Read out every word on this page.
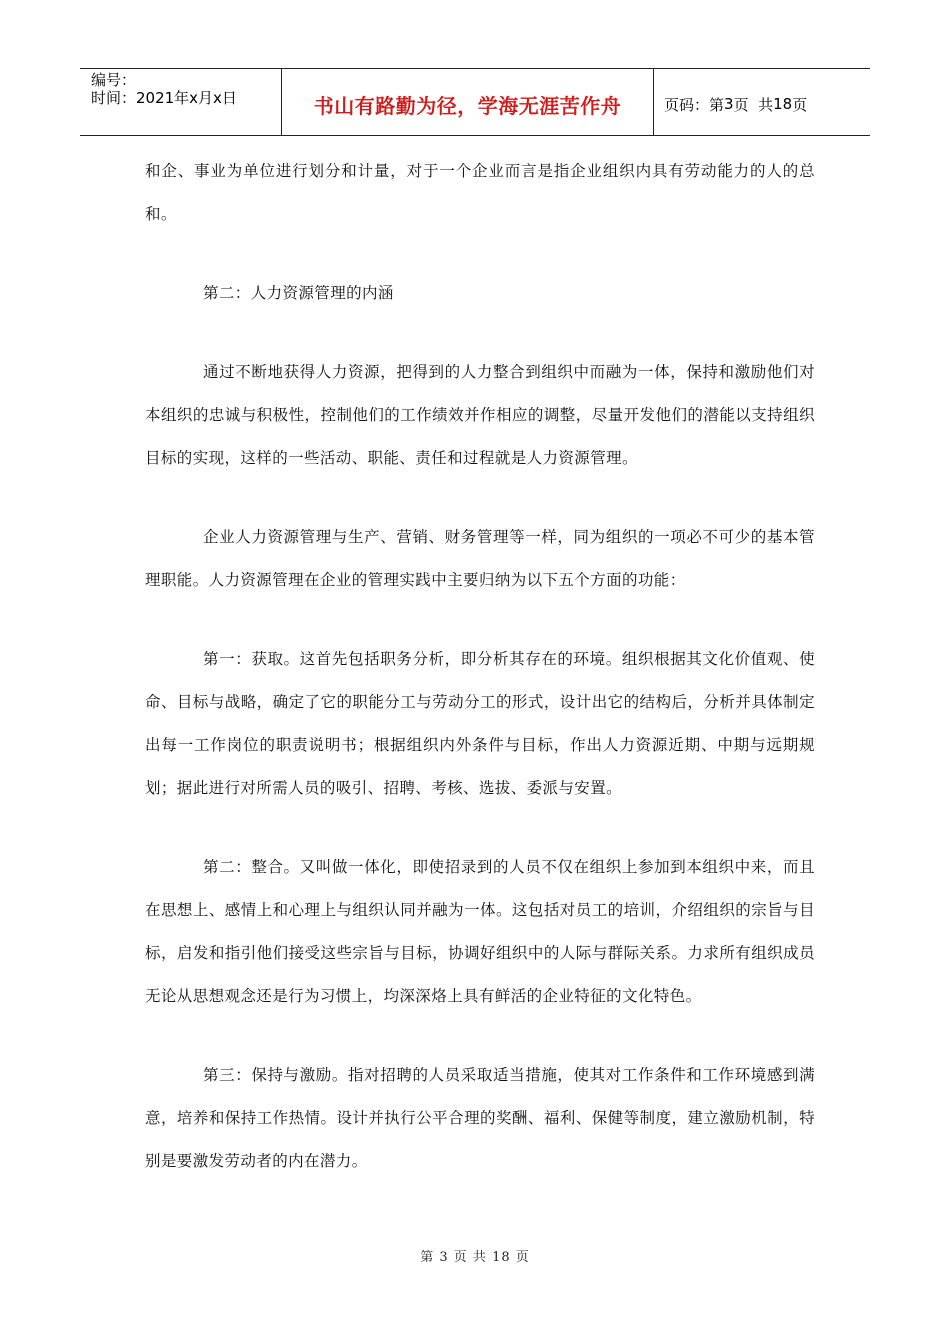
编号：
时间：2021年x月x日	书山有路勤为径，学海无涯苦作舟	页码：第 3 页  共 18 页

和企、事业为单位进行划分和计量，对于一个企业而言是指企业组织内具有劳动能力的人的总和。

第二：人力资源管理的内涵

通过不断地获得人力资源，把得到的人力整合到组织中而融为一体，保持和激励他们对本组织的忠诚与积极性，控制他们的工作绩效并作相应的调整，尽量开发他们的潜能以支持组织目标的实现，这样的一些活动、职能、责任和过程就是人力资源管理。

企业人力资源管理与生产、营销、财务管理等一样，同为组织的一项必不可少的基本管理职能。人力资源管理在企业的管理实践中主要归纳为以下五个方面的功能：

第一：获取。这首先包括职务分析，即分析其存在的环境。组织根据其文化价值观、使命、目标与战略，确定了它的职能分工与劳动分工的形式，设计出它的结构后，分析并具体制定出每一工作岗位的职责说明书；根据组织内外条件与目标，作出人力资源近期、中期与远期规划；据此进行对所需人员的吸引、招聘、考核、选拔、委派与安置。

第二：整合。又叫做一体化，即使招录到的人员不仅在组织上参加到本组织中来，而且在思想上、感情上和心理上与组织认同并融为一体。这包括对员工的培训，介绍组织的宗旨与目标，启发和指引他们接受这些宗旨与目标，协调好组织中的人际与群际关系。力求所有组织成员无论从思想观念还是行为习惯上，均深深烙上具有鲜活的企业特征的文化特色。

第三：保持与激励。指对招聘的人员采取适当措施，使其对工作条件和工作环境感到满意，培养和保持工作热情。设计并执行公平合理的奖酬、福利、保健等制度，建立激励机制，特别是要激发劳动者的内在潜力。

第 3 页 共 18 页
